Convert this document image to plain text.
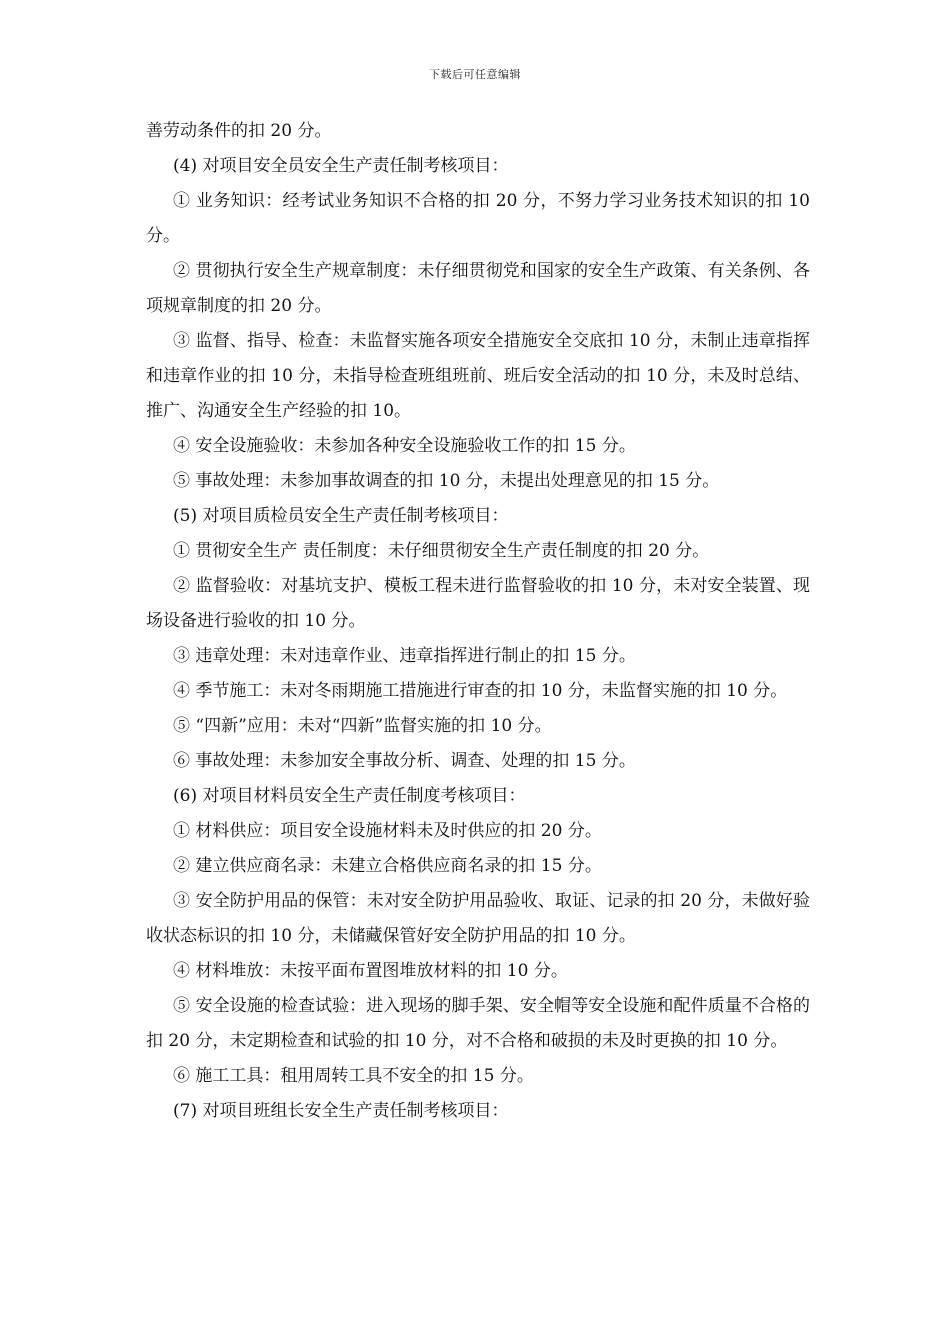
下载后可任意编辑

善劳动条件的扣 20 分。

(4) 对项目安全员安全生产责任制考核项目：

① 业务知识：经考试业务知识不合格的扣 20 分，不努力学习业务技术知识的扣 10 分。

② 贯彻执行安全生产规章制度：未仔细贯彻党和国家的安全生产政策、有关条例、各项规章制度的扣 20 分。

③ 监督、指导、检查：未监督实施各项安全措施安全交底扣 10 分，未制止违章指挥和违章作业的扣 10 分，未指导检查班组班前、班后安全活动的扣 10 分，未及时总结、推广、沟通安全生产经验的扣 10。

④ 安全设施验收：未参加各种安全设施验收工作的扣 15 分。

⑤ 事故处理：未参加事故调查的扣 10 分，未提出处理意见的扣 15 分。

(5) 对项目质检员安全生产责任制考核项目：

① 贯彻安全生产 责任制度：未仔细贯彻安全生产责任制度的扣 20 分。

② 监督验收：对基坑支护、模板工程未进行监督验收的扣 10 分，未对安全装置、现场设备进行验收的扣 10 分。

③ 违章处理：未对违章作业、违章指挥进行制止的扣 15 分。

④ 季节施工：未对冬雨期施工措施进行审查的扣 10 分，未监督实施的扣 10 分。

⑤ “四新”应用：未对“四新”监督实施的扣 10 分。

⑥ 事故处理：未参加安全事故分析、调查、处理的扣 15 分。

(6) 对项目材料员安全生产责任制度考核项目：

① 材料供应：项目安全设施材料未及时供应的扣 20 分。

② 建立供应商名录：未建立合格供应商名录的扣 15 分。

③ 安全防护用品的保管：未对安全防护用品验收、取证、记录的扣 20 分，未做好验收状态标识的扣 10 分，未储藏保管好安全防护用品的扣 10 分。

④ 材料堆放：未按平面布置图堆放材料的扣 10 分。

⑤ 安全设施的检查试验：进入现场的脚手架、安全帽等安全设施和配件质量不合格的扣 20 分，未定期检查和试验的扣 10 分，对不合格和破损的未及时更换的扣 10 分。

⑥ 施工工具：租用周转工具不安全的扣 15 分。

(7) 对项目班组长安全生产责任制考核项目：
